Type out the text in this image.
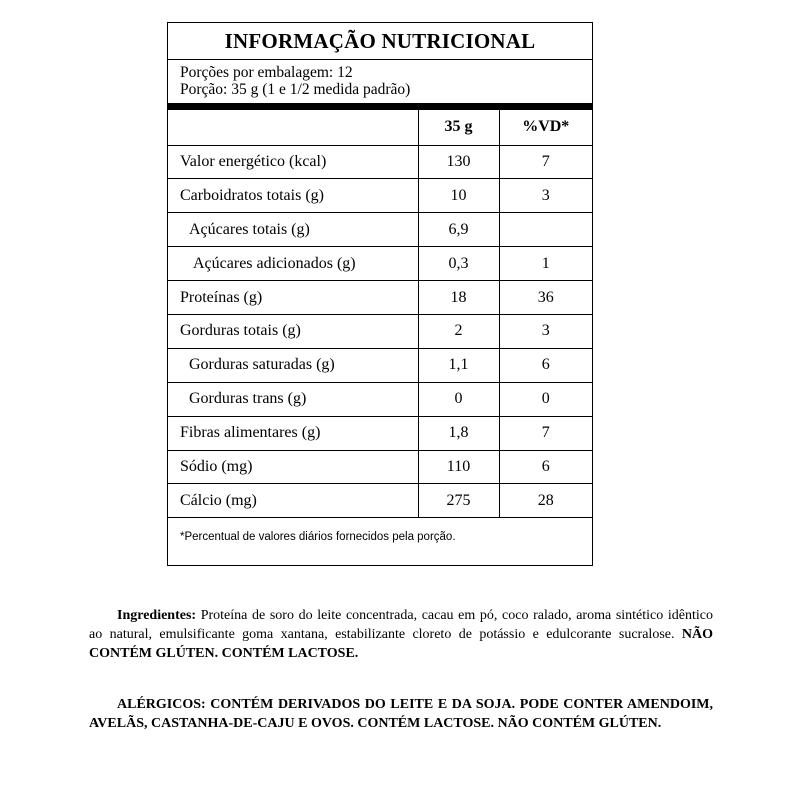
INFORMAÇÃO NUTRICIONAL
Porções por embalagem: 12
Porção: 35 g (1 e 1/2 medida padrão)
	35 g	%VD*
Valor energético (kcal)	130	7
Carboidratos totais (g)	10	3
Açúcares totais (g)	6,9	
Açúcares adicionados (g)	0,3	1
Proteínas (g)	18	36
Gorduras totais (g)	2	3
Gorduras saturadas (g)	1,1	6
Gorduras trans (g)	0	0
Fibras alimentares (g)	1,8	7
Sódio (mg)	110	6
Cálcio (mg)	275	28
*Percentual de valores diários fornecidos pela porção.
Ingredientes: Proteína de soro do leite concentrada, cacau em pó, coco ralado, aroma sintético idêntico ao natural, emulsificante goma xantana, estabilizante cloreto de potássio e edulcorante sucralose. NÃO CONTÉM GLÚTEN. CONTÉM LACTOSE.
ALÉRGICOS: CONTÉM DERIVADOS DO LEITE E DA SOJA. PODE CONTER AMENDOIM, AVELÃS, CASTANHA-DE-CAJU E OVOS. CONTÉM LACTOSE. NÃO CONTÉM GLÚTEN.
